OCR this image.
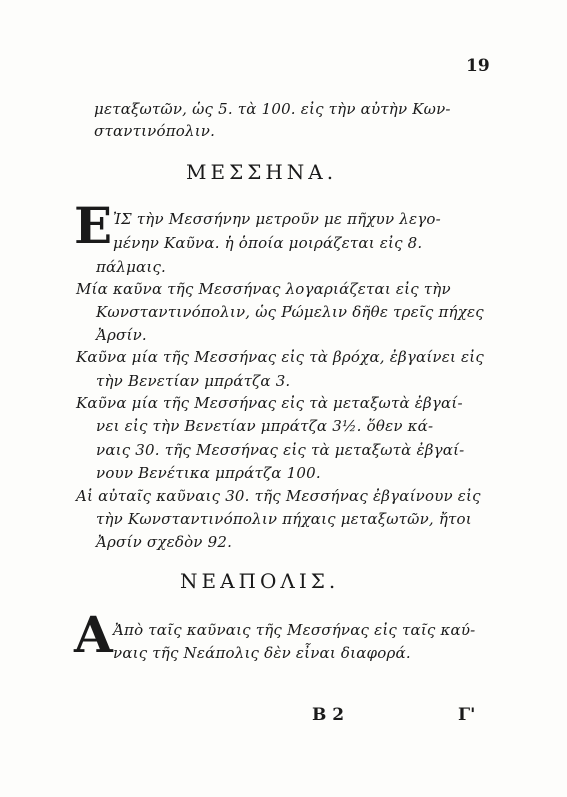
19
μεταξωτῶν, ὡς 5. τὰ 100. εἰς τὴν αὐτὴν Κων-
σταντινόπολιν.
ΜΕΣΣΗΝΑ.
Ε ἸΣ τὴν Μεσσήνην μετροῦν με πῆχυν λεγο-
μένην Καῦνα. ἡ ὁποία μοιράζεται εἰς 8.
πάλμαις.
Μία καῦνα τῆς Μεσσήνας λογαριάζεται εἰς τὴν
Κωνσταντινόπολιν, ὡς Ρ̕ώμελιν δῆθε τρεῖς πήχες
Ἀρσίν.
Καῦνα μία τῆς Μεσσήνας εἰς τὰ βρόχα, ἐβγαίνει εἰς
τὴν Βενετίαν μπράτζα 3.
Καῦνα μία τῆς Μεσσήνας εἰς τὰ μεταξωτὰ ἐβγαί-
νει εἰς τὴν Βενετίαν μπράτζα 3½. ὅθεν κά-
ναις 30. τῆς Μεσσήνας εἰς τὰ μεταξωτὰ ἐβγαί-
νουν Βενέτικα μπράτζα 100.
Αἱ αὐταῖς καῦναις 30. τῆς Μεσσήνας ἐβγαίνουν εἰς
τὴν Κωνσταντινόπολιν πήχαις μεταξωτῶν, ἤτοι
Ἀρσίν σχεδὸν 92.
ΝΕΑΠΟΛΙΣ.
Α Ἀπὸ ταῖς καῦναις τῆς Μεσσήνας εἰς ταῖς καύ-
ναις τῆς Νεάπολις δὲν εἶναι διαφορά.
Β 2	Γ'
